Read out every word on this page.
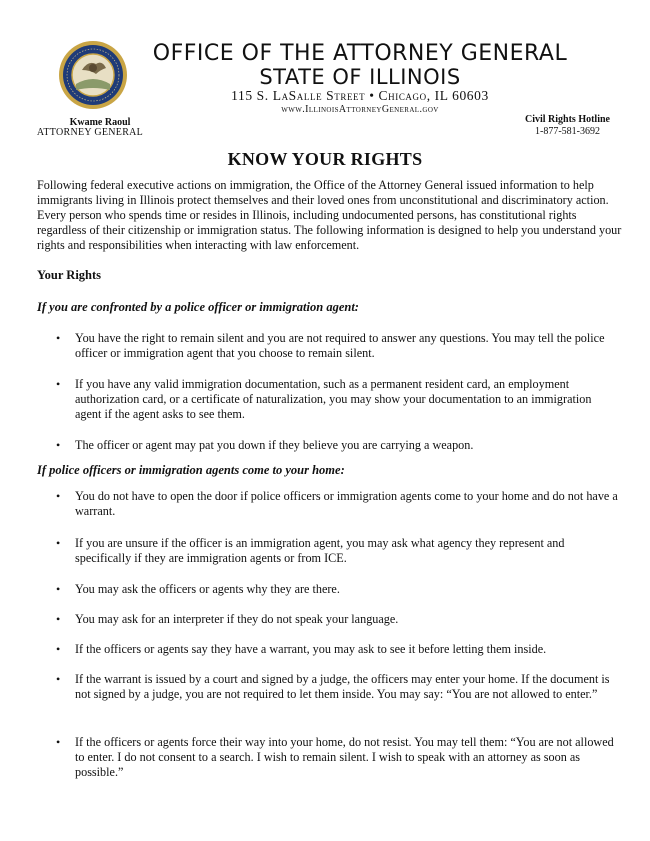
OFFICE OF THE ATTORNEY GENERAL
STATE OF ILLINOIS
115 S. LaSalle Street • Chicago, IL 60603
www.IllinoisAttorneyGeneral.gov
Kwame Raoul
ATTORNEY GENERAL
Civil Rights Hotline
1-877-581-3692
KNOW YOUR RIGHTS

Following federal executive actions on immigration, the Office of the Attorney General issued information to help immigrants living in Illinois protect themselves and their loved ones from unconstitutional and discriminatory action. Every person who spends time or resides in Illinois, including undocumented persons, has constitutional rights regardless of their citizenship or immigration status. The following information is designed to help you understand your rights and responsibilities when interacting with law enforcement.

Your Rights
If you are confronted by a police officer or immigration agent:
• You have the right to remain silent and you are not required to answer any questions. You may tell the police officer or immigration agent that you choose to remain silent.
• If you have any valid immigration documentation, such as a permanent resident card, an employment authorization card, or a certificate of naturalization, you may show your documentation to an immigration agent if the agent asks to see them.
• The officer or agent may pat you down if they believe you are carrying a weapon.
If police officers or immigration agents come to your home:
• You do not have to open the door if police officers or immigration agents come to your home and do not have a warrant.
• If you are unsure if the officer is an immigration agent, you may ask what agency they represent and specifically if they are immigration agents or from ICE.
• You may ask the officers or agents why they are there.
• You may ask for an interpreter if they do not speak your language.
• If the officers or agents say they have a warrant, you may ask to see it before letting them inside.
• If the warrant is issued by a court and signed by a judge, the officers may enter your home. If the document is not signed by a judge, you are not required to let them inside. You may say: “You are not allowed to enter.”
• If the officers or agents force their way into your home, do not resist. You may tell them: “You are not allowed to enter. I do not consent to a search. I wish to remain silent. I wish to speak with an attorney as soon as possible.”
